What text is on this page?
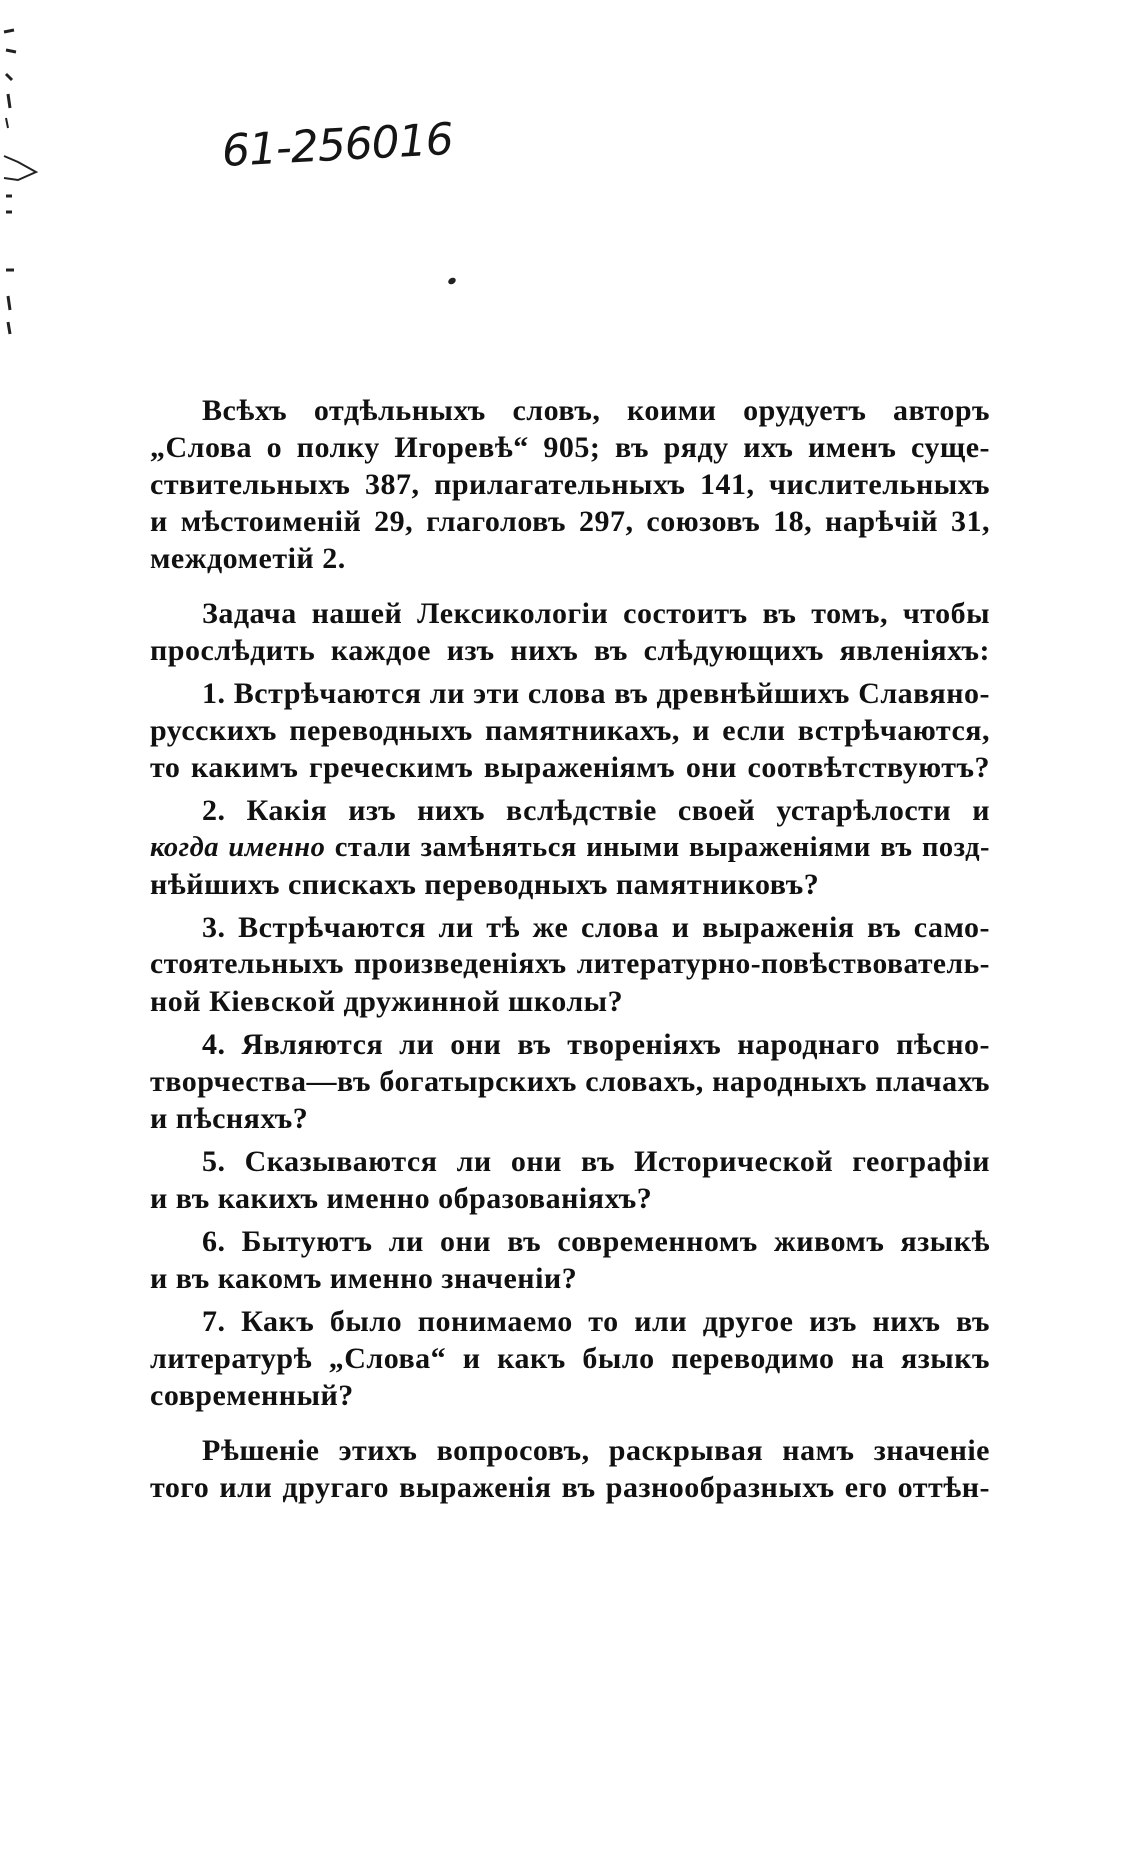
61-256016
Всѣхъ отдѣльныхъ словъ, коими орудуетъ авторъ
„Слова о полку Игоревѣ“ 905; въ ряду ихъ именъ суще-
ствительныхъ 387, прилагательныхъ 141, числительныхъ
и мѣстоименій 29, глаголовъ 297, союзовъ 18, нарѣчій 31,
междометій 2.
Задача нашей Лексикологіи состоитъ въ томъ, чтобы
прослѣдить каждое изъ нихъ въ слѣдующихъ явленіяхъ:
1. Встрѣчаются ли эти слова въ древнѣйшихъ Славяно-
русскихъ переводныхъ памятникахъ, и если встрѣчаются,
то какимъ греческимъ выраженіямъ они соотвѣтствуютъ?
2. Какія изъ нихъ вслѣдствіе своей устарѣлости и
когда именно стали замѣняться иными выраженіями въ позд-
нѣйшихъ спискахъ переводныхъ памятниковъ?
3. Встрѣчаются ли тѣ же слова и выраженія въ само-
стоятельныхъ произведеніяхъ литературно-повѣствователь-
ной Кіевской дружинной школы?
4. Являются ли они въ твореніяхъ народнаго пѣсно-
творчества—въ богатырскихъ словахъ, народныхъ плачахъ
и пѣсняхъ?
5. Сказываются ли они въ Исторической географіи
и въ какихъ именно образованіяхъ?
6. Бытуютъ ли они въ современномъ живомъ языкѣ
и въ какомъ именно значеніи?
7. Какъ было понимаемо то или другое изъ нихъ въ
литературѣ „Слова“ и какъ было переводимо на языкъ
современный?
Рѣшеніе этихъ вопросовъ, раскрывая намъ значеніе
того или другаго выраженія въ разнообразныхъ его оттѣн-
